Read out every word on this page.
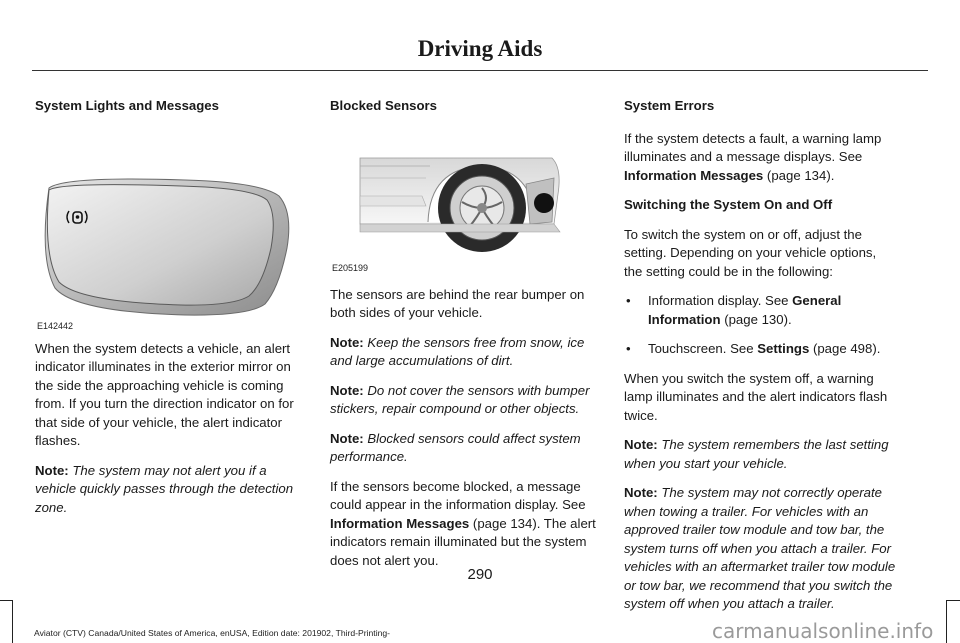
Driving Aids
System Lights and Messages
E142442

When the system detects a vehicle, an alert indicator illuminates in the exterior mirror on the side the approaching vehicle is coming from. If you turn the direction indicator on for that side of your vehicle, the alert indicator flashes.

Note: The system may not alert you if a vehicle quickly passes through the detection zone.

Blocked Sensors
E205199

The sensors are behind the rear bumper on both sides of your vehicle.

Note: Keep the sensors free from snow, ice and large accumulations of dirt.

Note: Do not cover the sensors with bumper stickers, repair compound or other objects.

Note: Blocked sensors could affect system performance.

If the sensors become blocked, a message could appear in the information display. See Information Messages (page 134). The alert indicators remain illuminated but the system does not alert you.

System Errors

If the system detects a fault, a warning lamp illuminates and a message displays. See Information Messages (page 134).

Switching the System On and Off

To switch the system on or off, adjust the setting. Depending on your vehicle options, the setting could be in the following:

• Information display. See General Information (page 130).
• Touchscreen. See Settings (page 498).

When you switch the system off, a warning lamp illuminates and the alert indicators flash twice.

Note: The system remembers the last setting when you start your vehicle.

Note: The system may not correctly operate when towing a trailer. For vehicles with an approved trailer tow module and tow bar, the system turns off when you attach a trailer. For vehicles with an aftermarket trailer tow module or tow bar, we recommend that you switch the system off when you attach a trailer.

290
Aviator (CTV) Canada/United States of America, enUSA, Edition date: 201902, Third-Printing-	carmanualsonline.info
